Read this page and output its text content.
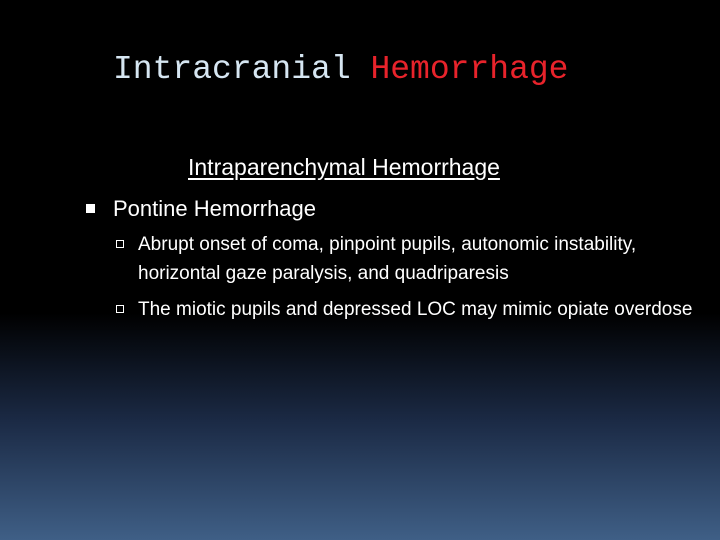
Intracranial Hemorrhage
Intraparenchymal Hemorrhage
Pontine Hemorrhage
Abrupt onset of coma, pinpoint pupils, autonomic instability, horizontal gaze paralysis, and quadriparesis
The miotic pupils and depressed LOC may mimic opiate overdose
